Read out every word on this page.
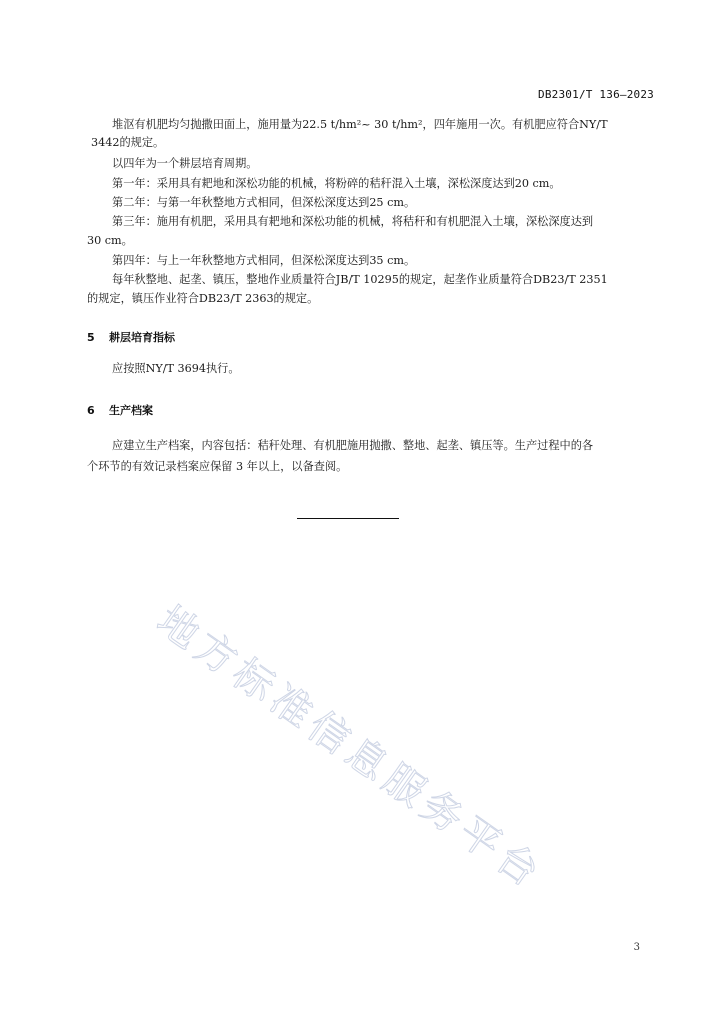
DB2301/T 136—2023
堆沤有机肥均匀抛撒田面上，施用量为22.5 t/hm²~ 30 t/hm²，四年施用一次。有机肥应符合NY/T
3442的规定。
以四年为一个耕层培育周期。
第一年：采用具有耙地和深松功能的机械，将粉碎的秸秆混入土壤，深松深度达到20 cm。
第二年：与第一年秋整地方式相同，但深松深度达到25 cm。
第三年：施用有机肥，采用具有耙地和深松功能的机械，将秸秆和有机肥混入土壤，深松深度达到
30 cm。
第四年：与上一年秋整地方式相同，但深松深度达到35 cm。
每年秋整地、起垄、镇压，整地作业质量符合JB/T 10295的规定，起垄作业质量符合DB23/T 2351
的规定，镇压作业符合DB23/T 2363的规定。
5 耕层培育指标
应按照NY/T 3694执行。
6 生产档案
应建立生产档案，内容包括：秸秆处理、有机肥施用抛撒、整地、起垄、镇压等。生产过程中的各
个环节的有效记录档案应保留 3 年以上，以备查阅。
地方标准信息服务平台
3
